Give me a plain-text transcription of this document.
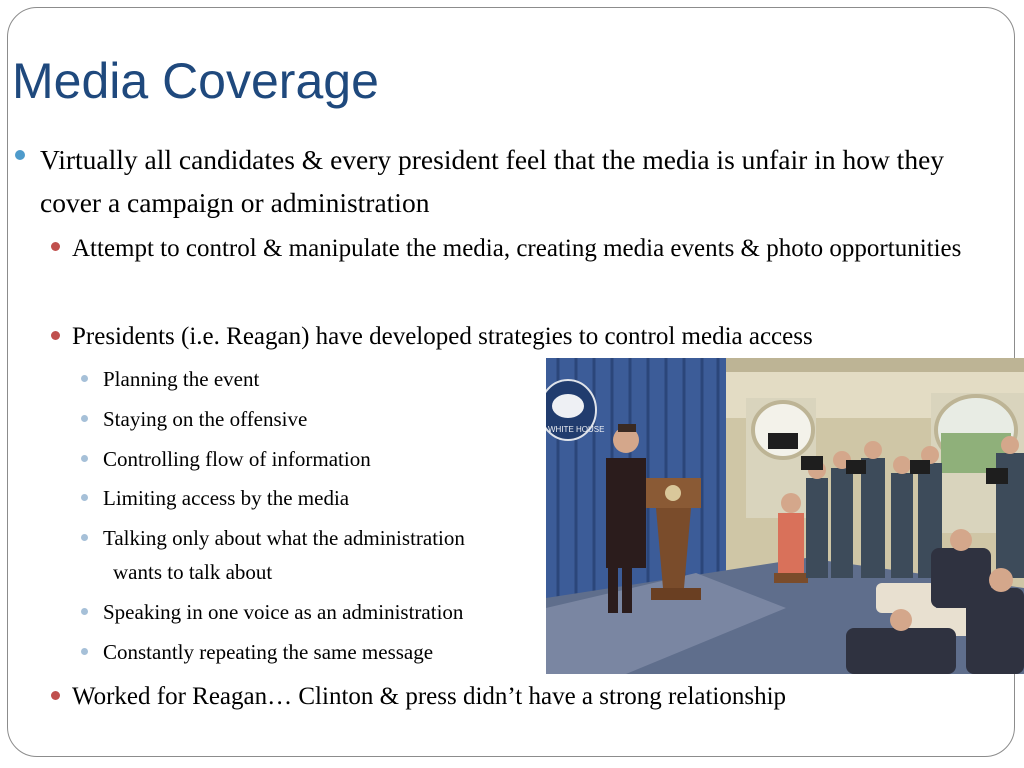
Media Coverage
Virtually all candidates & every president feel that the media is unfair in how they cover a campaign or administration
Attempt to control & manipulate the media, creating media events & photo opportunities
Presidents (i.e. Reagan) have developed strategies to control media access
Planning the event
Staying on the offensive
Controlling flow of information
Limiting access by the media
Talking only about what the administration
wants to talk about
Speaking in one voice as an administration
Constantly repeating the same message
Worked for Reagan… Clinton & press didn’t have a strong relationship
WHITE HOUSE
